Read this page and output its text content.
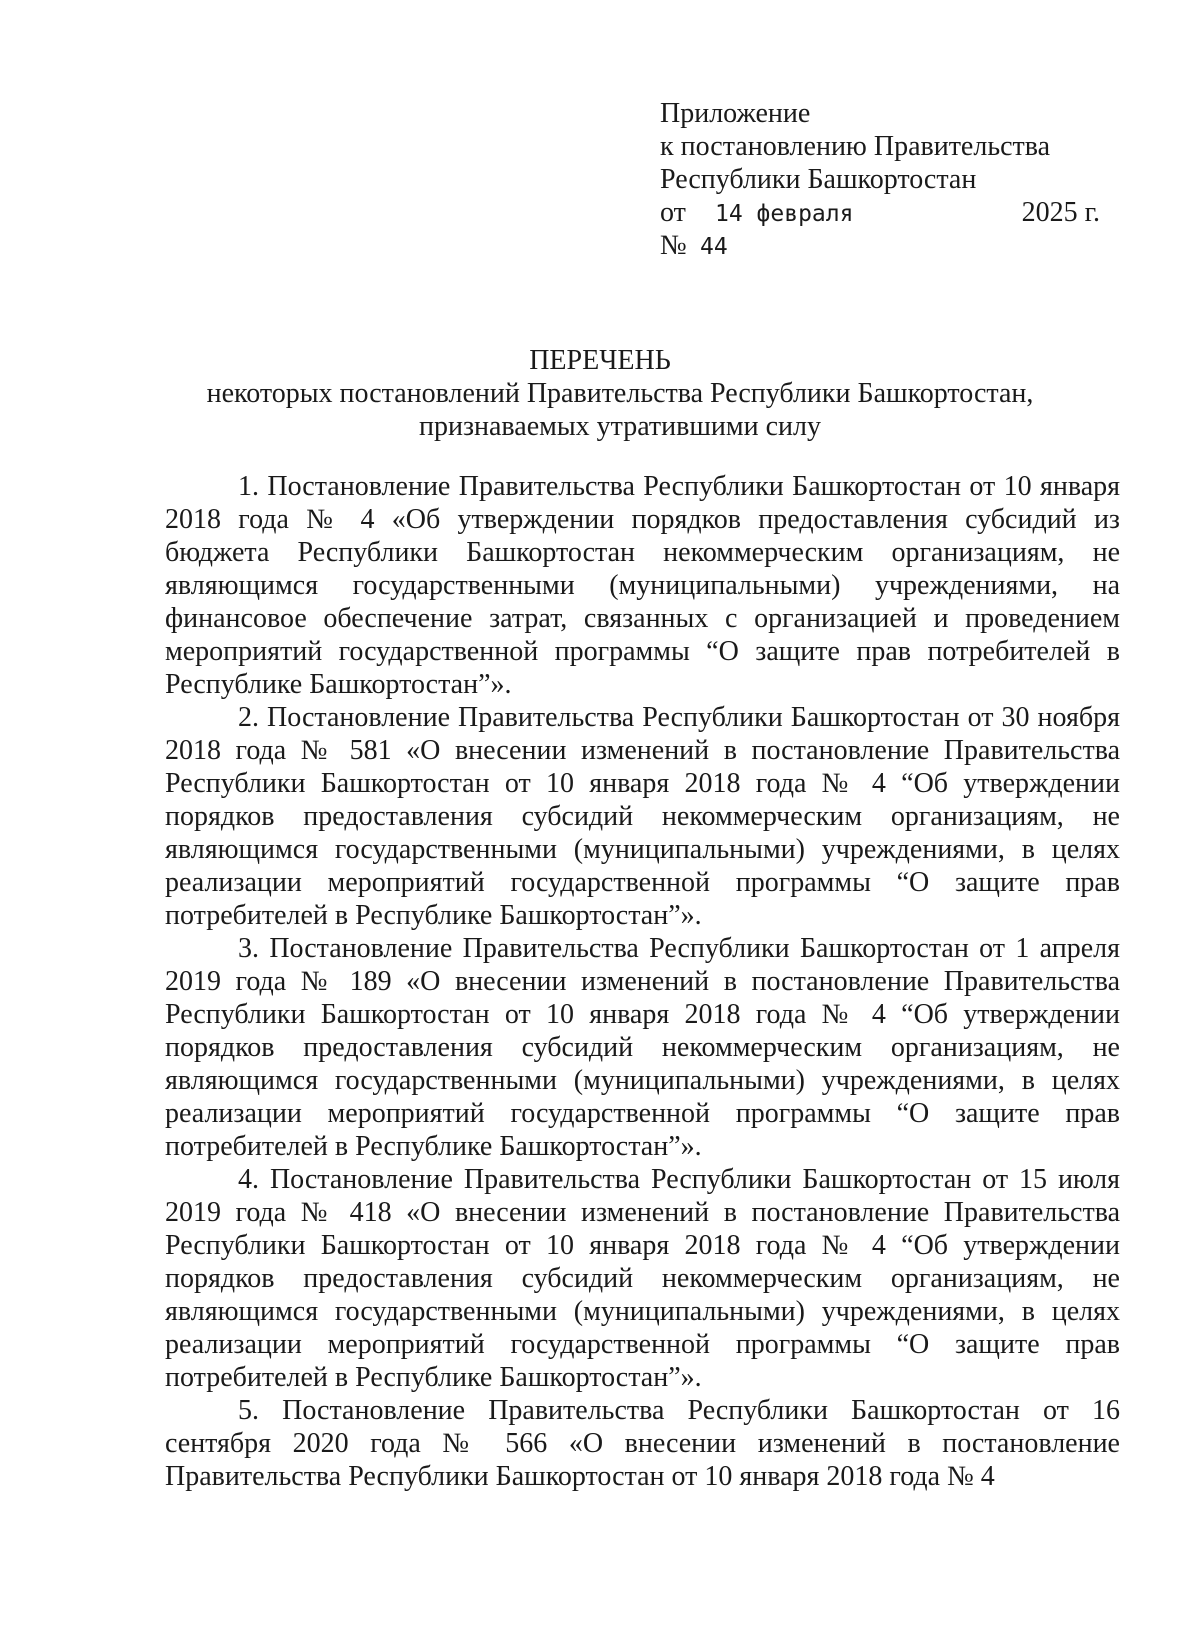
Приложение
к постановлению Правительства
Республики Башкортостан
от 14 февраля	2025 г.
№ 44
ПЕРЕЧЕНЬ
некоторых постановлений Правительства Республики Башкортостан, признаваемых утратившими силу

1. Постановление Правительства Республики Башкортостан от 10 января 2018 года № 4 «Об утверждении порядков предоставления субсидий из бюджета Республики Башкортостан некоммерческим организациям, не являющимся государственными (муниципальными) учреждениями, на финансовое обеспечение затрат, связанных с организацией и проведением мероприятий государственной программы “О защите прав потребителей в Республике Башкортостан”».

2. Постановление Правительства Республики Башкортостан от 30 ноября 2018 года № 581 «О внесении изменений в постановление Правительства Республики Башкортостан от 10 января 2018 года № 4 “Об утверждении порядков предоставления субсидий некоммерческим организациям, не являющимся государственными (муниципальными) учреждениями, в целях реализации мероприятий государственной программы “О защите прав потребителей в Республике Башкортостан”».

3. Постановление Правительства Республики Башкортостан от 1 апреля 2019 года № 189 «О внесении изменений в постановление Правительства Республики Башкортостан от 10 января 2018 года № 4 “Об утверждении порядков предоставления субсидий некоммерческим организациям, не являющимся государственными (муниципальными) учреждениями, в целях реализации мероприятий государственной программы “О защите прав потребителей в Республике Башкортостан”».

4. Постановление Правительства Республики Башкортостан от 15 июля 2019 года № 418 «О внесении изменений в постановление Правительства Республики Башкортостан от 10 января 2018 года № 4 “Об утверждении порядков предоставления субсидий некоммерческим организациям, не являющимся государственными (муниципальными) учреждениями, в целях реализации мероприятий государственной программы “О защите прав потребителей в Республике Башкортостан”».

5. Постановление Правительства Республики Башкортостан от 16 сентября 2020 года № 566 «О внесении изменений в постановление Правительства Республики Башкортостан от 10 января 2018 года № 4
